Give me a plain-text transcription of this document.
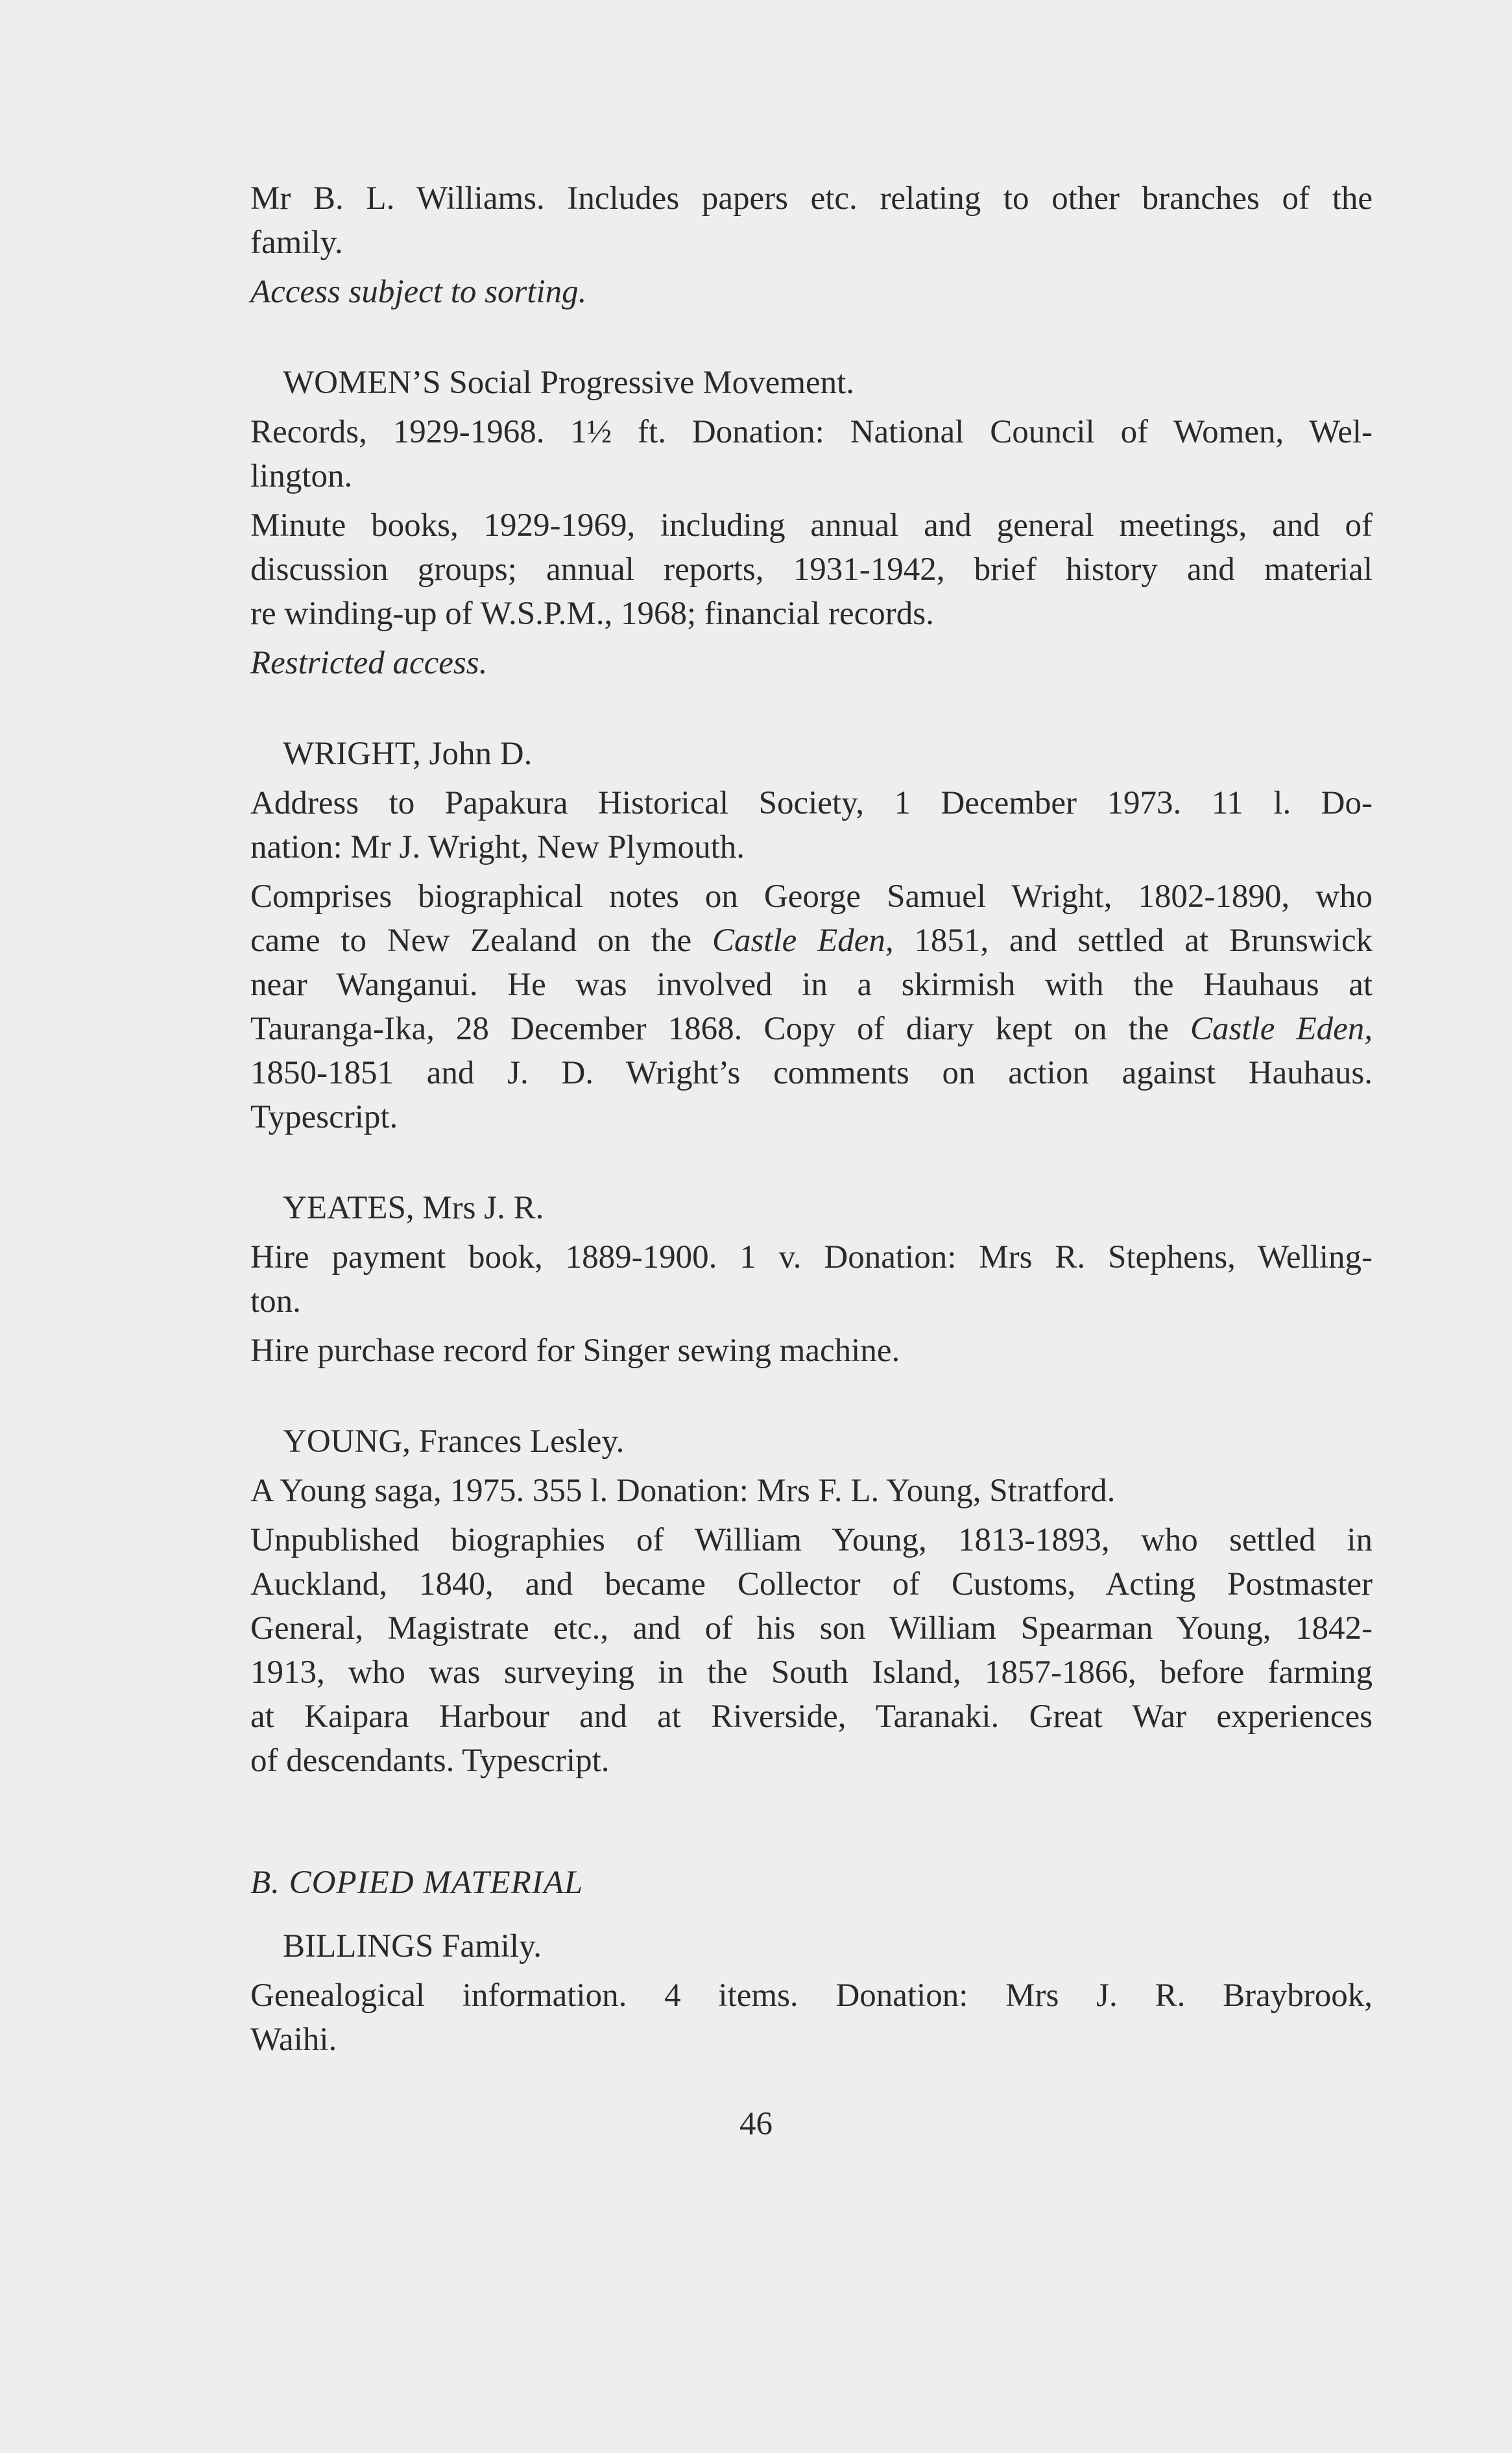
Mr B. L. Williams. Includes papers etc. relating to other branches of the
family.
Access subject to sorting.
WOMEN’S Social Progressive Movement.
Records, 1929-1968. 1½ ft. Donation: National Council of Women, Wel-
lington.
Minute books, 1929-1969, including annual and general meetings, and of
discussion groups; annual reports, 1931-1942, brief history and material
re winding-up of W.S.P.M., 1968; financial records.
Restricted access.
WRIGHT, John D.
Address to Papakura Historical Society, 1 December 1973. 11 l. Do-
nation: Mr J. Wright, New Plymouth.
Comprises biographical notes on George Samuel Wright, 1802-1890, who
came to New Zealand on the Castle Eden, 1851, and settled at Brunswick
near Wanganui. He was involved in a skirmish with the Hauhaus at
Tauranga-Ika, 28 December 1868. Copy of diary kept on the Castle Eden,
1850-1851 and J. D. Wright’s comments on action against Hauhaus.
Typescript.
YEATES, Mrs J. R.
Hire payment book, 1889-1900. 1 v. Donation: Mrs R. Stephens, Welling-
ton.
Hire purchase record for Singer sewing machine.
YOUNG, Frances Lesley.
A Young saga, 1975. 355 l. Donation: Mrs F. L. Young, Stratford.
Unpublished biographies of William Young, 1813-1893, who settled in
Auckland, 1840, and became Collector of Customs, Acting Postmaster
General, Magistrate etc., and of his son William Spearman Young, 1842-
1913, who was surveying in the South Island, 1857-1866, before farming
at Kaipara Harbour and at Riverside, Taranaki. Great War experiences
of descendants. Typescript.
B. COPIED MATERIAL
BILLINGS Family.
Genealogical information. 4 items. Donation: Mrs J. R. Braybrook,
Waihi.
46
